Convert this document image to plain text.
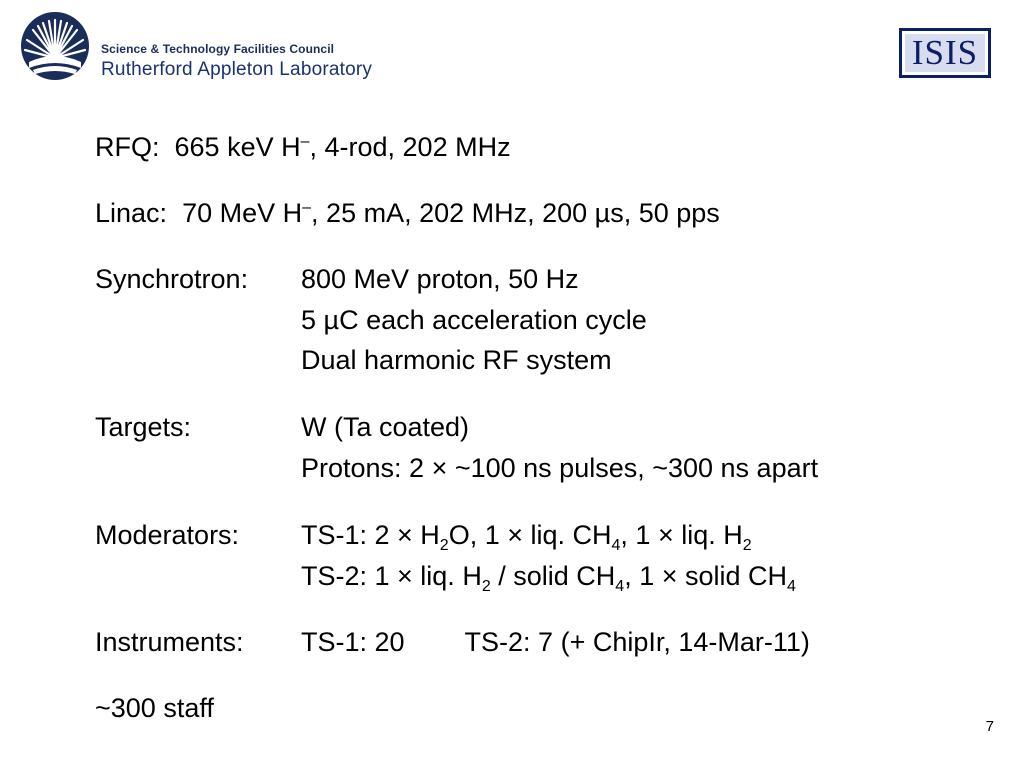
Science & Technology Facilities Council
Rutherford Appleton Laboratory	ISIS
RFQ: 665 keV H–, 4-rod, 202 MHz
Linac: 70 MeV H–, 25 mA, 202 MHz, 200 µs, 50 pps
Synchrotron: 800 MeV proton, 50 Hz
5 µC each acceleration cycle
Dual harmonic RF system
Targets:	W (Ta coated)
Protons: 2 × ~100 ns pulses, ~300 ns apart
Moderators: TS-1: $2 \times H_2O$, 1 × liq. $CH_4$, 1 × liq. $H_2$
TS-2: 1 × liq. $H_2$ / solid $CH_4$, 1 × solid $CH_4$
Instruments: TS-1: 20 TS-2: 7 (+ ChipIr, 14-Mar-11)
~300 staff
7
